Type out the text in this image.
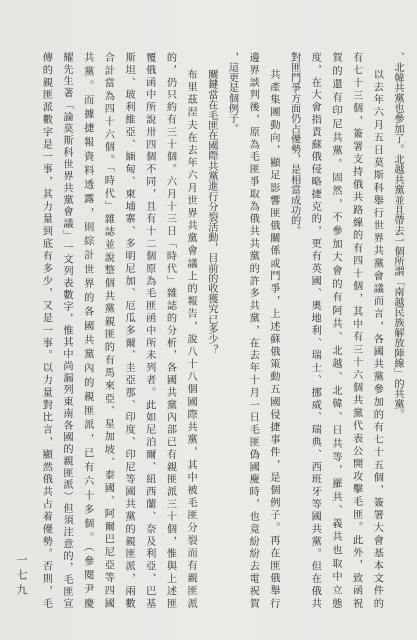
、北韓共黨也參加了。北越共黨並且帶去一個所謂「南越民族解放陣線」的共黨。
以去年六月五日莫斯科舉行世界共黨會議而言，各國共黨參加的有七十五個，簽署大會基本文件的
有七十三個，簽署支持俄共路線的有四十個，其中有三十六個共黨代表公開攻擊毛匪。此外，致函祝
賀的還有印尼共黨。固然，不參加大會的有阿共、北越、北韓、日共等，羅共、義共也取中立態
度，在大會指責蘇俄侵略捷克的，更有英國、奧地利、瑞士、挪威、瑞典、西班牙等國共黨。但在俄共
對匪鬥爭方面仍占優勢，是相當成功的。
共產集團動向，顯足影響匪俄關係或鬥爭，上述蘇俄策動五國侵捷事件，是個例子。再在匪俄舉行
邊界談判後，原為毛匪爭取為俄共共黨的許多共黨，在去年十月一日毛匪偽國慶時，也竟紛紛去電祝賀
，這更是個例子。
關鍵當在毛匪在國際共黨進行分裂活動，目前的收獲究已多少？
布里茲涅夫在去年六月世界共黨會議上的報告，說八十八個國際共黨，其中被毛匪分裂而有親匪派
的，仍只約有三十個。六月十三日「時代」雜誌的分析，各國共黨內部已有親匪派三十個，惟與上述匪
覆俄函中所說卅四個不同，且有十二個原為毛匪函中所未列者。此如尼泊爾、紐西蘭、奈及利亞、巴基
斯坦、玻利維亞、緬甸、柬埔寨、多明尼加、厄瓜多爾、圭亞那、印度、印尼等國共黨的親匪派，兩數
合計當為四十六個。「時代」雜誌並說整個共黨親匪的有馬來亞、星加坡、泰國、阿爾巴尼亞等四國
共黨。而據捷報資料透露，則綜計世界的各國共黨內的親匪派，已有六十多個。（參閱尹慶
耀先生著「論莫斯科世界共黨會議」一文列表數字，惟其中尚漏列東南各國的親匪派）但須注意的，毛匪宣
傳的親匪派數字是一事，其力量到底有多少，又是一事。以力量對比言，顯然俄共占着優勢。否則，毛
一七九
